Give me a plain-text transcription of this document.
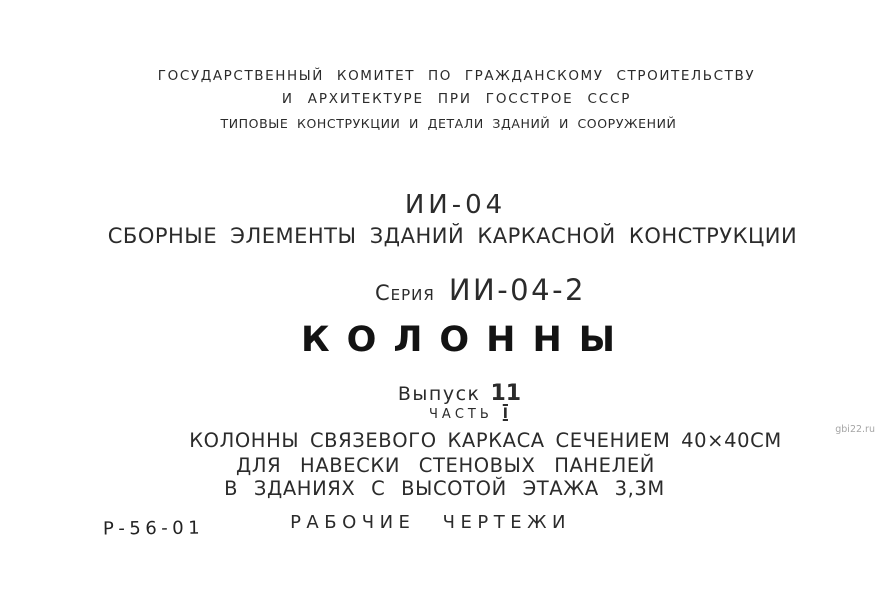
ГОСУДАРСТВЕННЫЙ КОМИТЕТ ПО ГРАЖДАНСКОМУ СТРОИТЕЛЬСТВУ
И АРХИТЕКТУРЕ ПРИ ГОССТРОЕ СССР
ТИПОВЫЕ КОНСТРУКЦИИ И ДЕТАЛИ ЗДАНИЙ И СООРУЖЕНИЙ
ИИ-04
СБОРНЫЕ ЭЛЕМЕНТЫ ЗДАНИЙ КАРКАСНОЙ КОНСТРУКЦИИ
Серия ИИ-04-2
КОЛОННЫ
Выпуск 11
ЧАСТЬ I
КОЛОННЫ СВЯЗЕВОГО КАРКАСА СЕЧЕНИЕМ 40×40СМ
ДЛЯ НАВЕСКИ СТЕНОВЫХ ПАНЕЛЕЙ
В ЗДАНИЯХ С ВЫСОТОЙ ЭТАЖА 3,3М
РАБОЧИЕ ЧЕРТЕЖИ
Р-56-01
gbi22.ru
